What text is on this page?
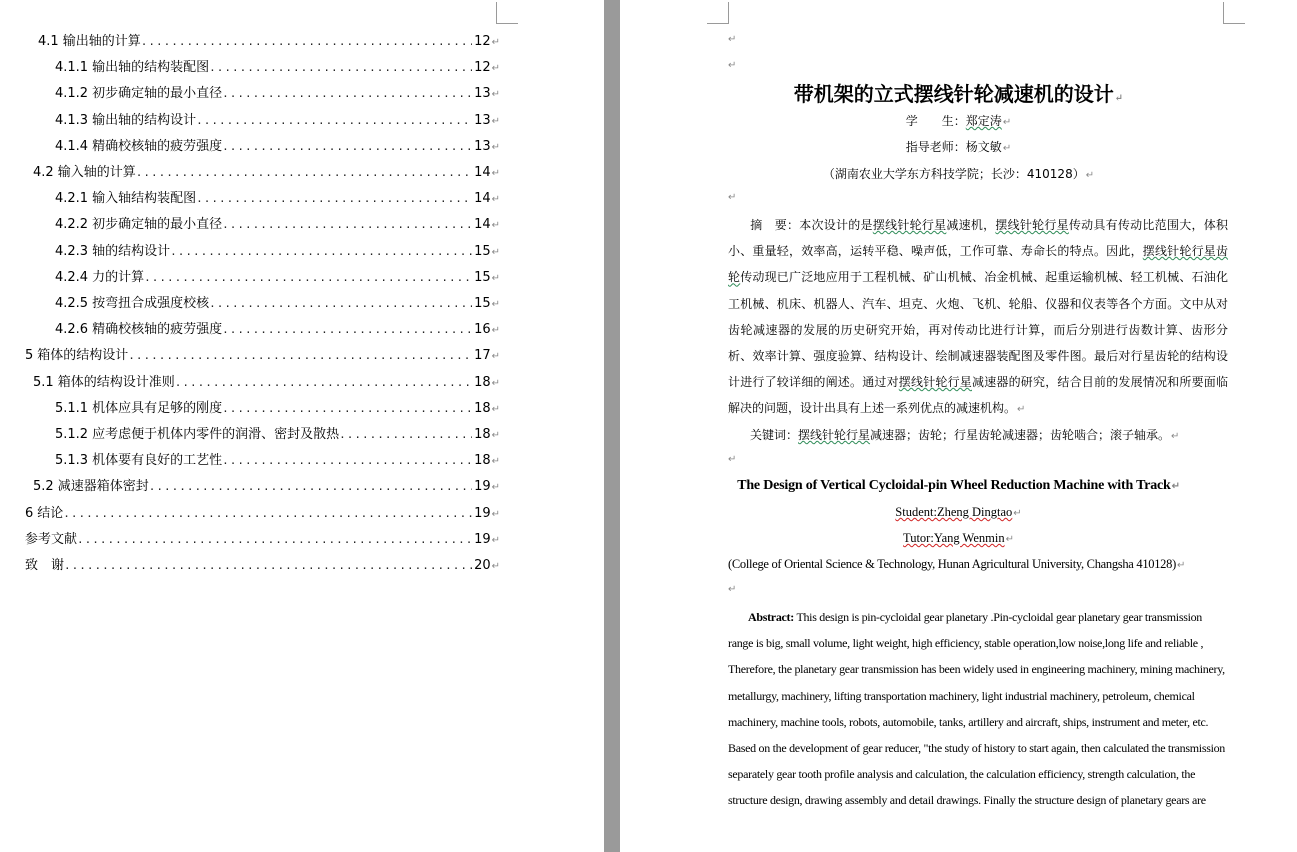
4.1 输出轴的计算 .....	12 ↵
4.1.1 输出轴的结构装配图 .....	12 ↵
4.1.2 初步确定轴的最小直径 .....	13 ↵
4.1.3 输出轴的结构设计 .....	13 ↵
4.1.4 精确校核轴的疲劳强度 .....	13 ↵
4.2 输入轴的计算 .....	14 ↵
4.2.1 输入轴结构装配图 .....	14 ↵
4.2.2 初步确定轴的最小直径 .....	14 ↵
4.2.3 轴的结构设计 .....	15 ↵
4.2.4 力的计算 .....	15 ↵
4.2.5 按弯扭合成强度校核 .....	15 ↵
4.2.6 精确校核轴的疲劳强度 .....	16 ↵
5 箱体的结构设计 .....	17 ↵
5.1 箱体的结构设计准则 .....	18 ↵
5.1.1 机体应具有足够的刚度 .....	18 ↵
5.1.2 应考虑便于机体内零件的润滑、密封及散热 .....	18 ↵
5.1.3 机体要有良好的工艺性 .....	18 ↵
5.2 减速器箱体密封 .....	19 ↵
6 结论 .....	19 ↵
参考文献 .....	19 ↵
致　谢 .....	20 ↵
↵
↵
带机架的立式摆线针轮减速机的设计↵
学　　生：郑定涛↵
指导老师：杨文敏↵
（湖南农业大学东方科技学院；长沙：410128）↵
↵
摘　要：本次设计的是摆线针轮行星减速机，摆线针轮行星传动具有传动比范围大，体积小、重量轻，效率高，运转平稳、噪声低，工作可靠、寿命长的特点。因此，摆线针轮行星齿轮传动现已广泛地应用于工程机械、矿山机械、冶金机械、起重运输机械、轻工机械、石油化工机械、机床、机器人、汽车、坦克、火炮、飞机、轮船、仪器和仪表等各个方面。文中从对齿轮减速器的发展的历史研究开始，再对传动比进行计算，而后分别进行齿数计算、齿形分析、效率计算、强度验算、结构设计、绘制减速器装配图及零件图。最后对行星齿轮的结构设计进行了较详细的阐述。通过对摆线针轮行星减速器的研究，结合目前的发展情况和所要面临解决的问题，设计出具有上述一系列优点的减速机构。↵
关键词：摆线针轮行星减速器；齿轮；行星齿轮减速器；齿轮啮合；滚子轴承。↵
↵
The Design of Vertical Cycloidal-pin Wheel Reduction Machine with Track↵
Student:Zheng Dingtao↵
Tutor:Yang Wenmin↵
(College of Oriental Science & Technology, Hunan Agricultural University, Changsha 410128)↵
↵
Abstract: This design is pin-cycloidal gear planetary .Pin-cycloidal gear planetary gear transmission range is big, small volume, light weight, high efficiency, stable operation,low noise,long life and reliable , Therefore, the planetary gear transmission has been widely used in engineering machinery, mining machinery, metallurgy, machinery, lifting transportation machinery, light industrial machinery, petroleum, chemical machinery, machine tools, robots, automobile, tanks, artillery and aircraft, ships, instrument and meter, etc. Based on the development of gear reducer, "the study of history to start again, then calculated the transmission separately gear tooth profile analysis and calculation, the calculation efficiency, strength calculation, the structure design, drawing assembly and detail drawings. Finally the structure design of planetary gears are
